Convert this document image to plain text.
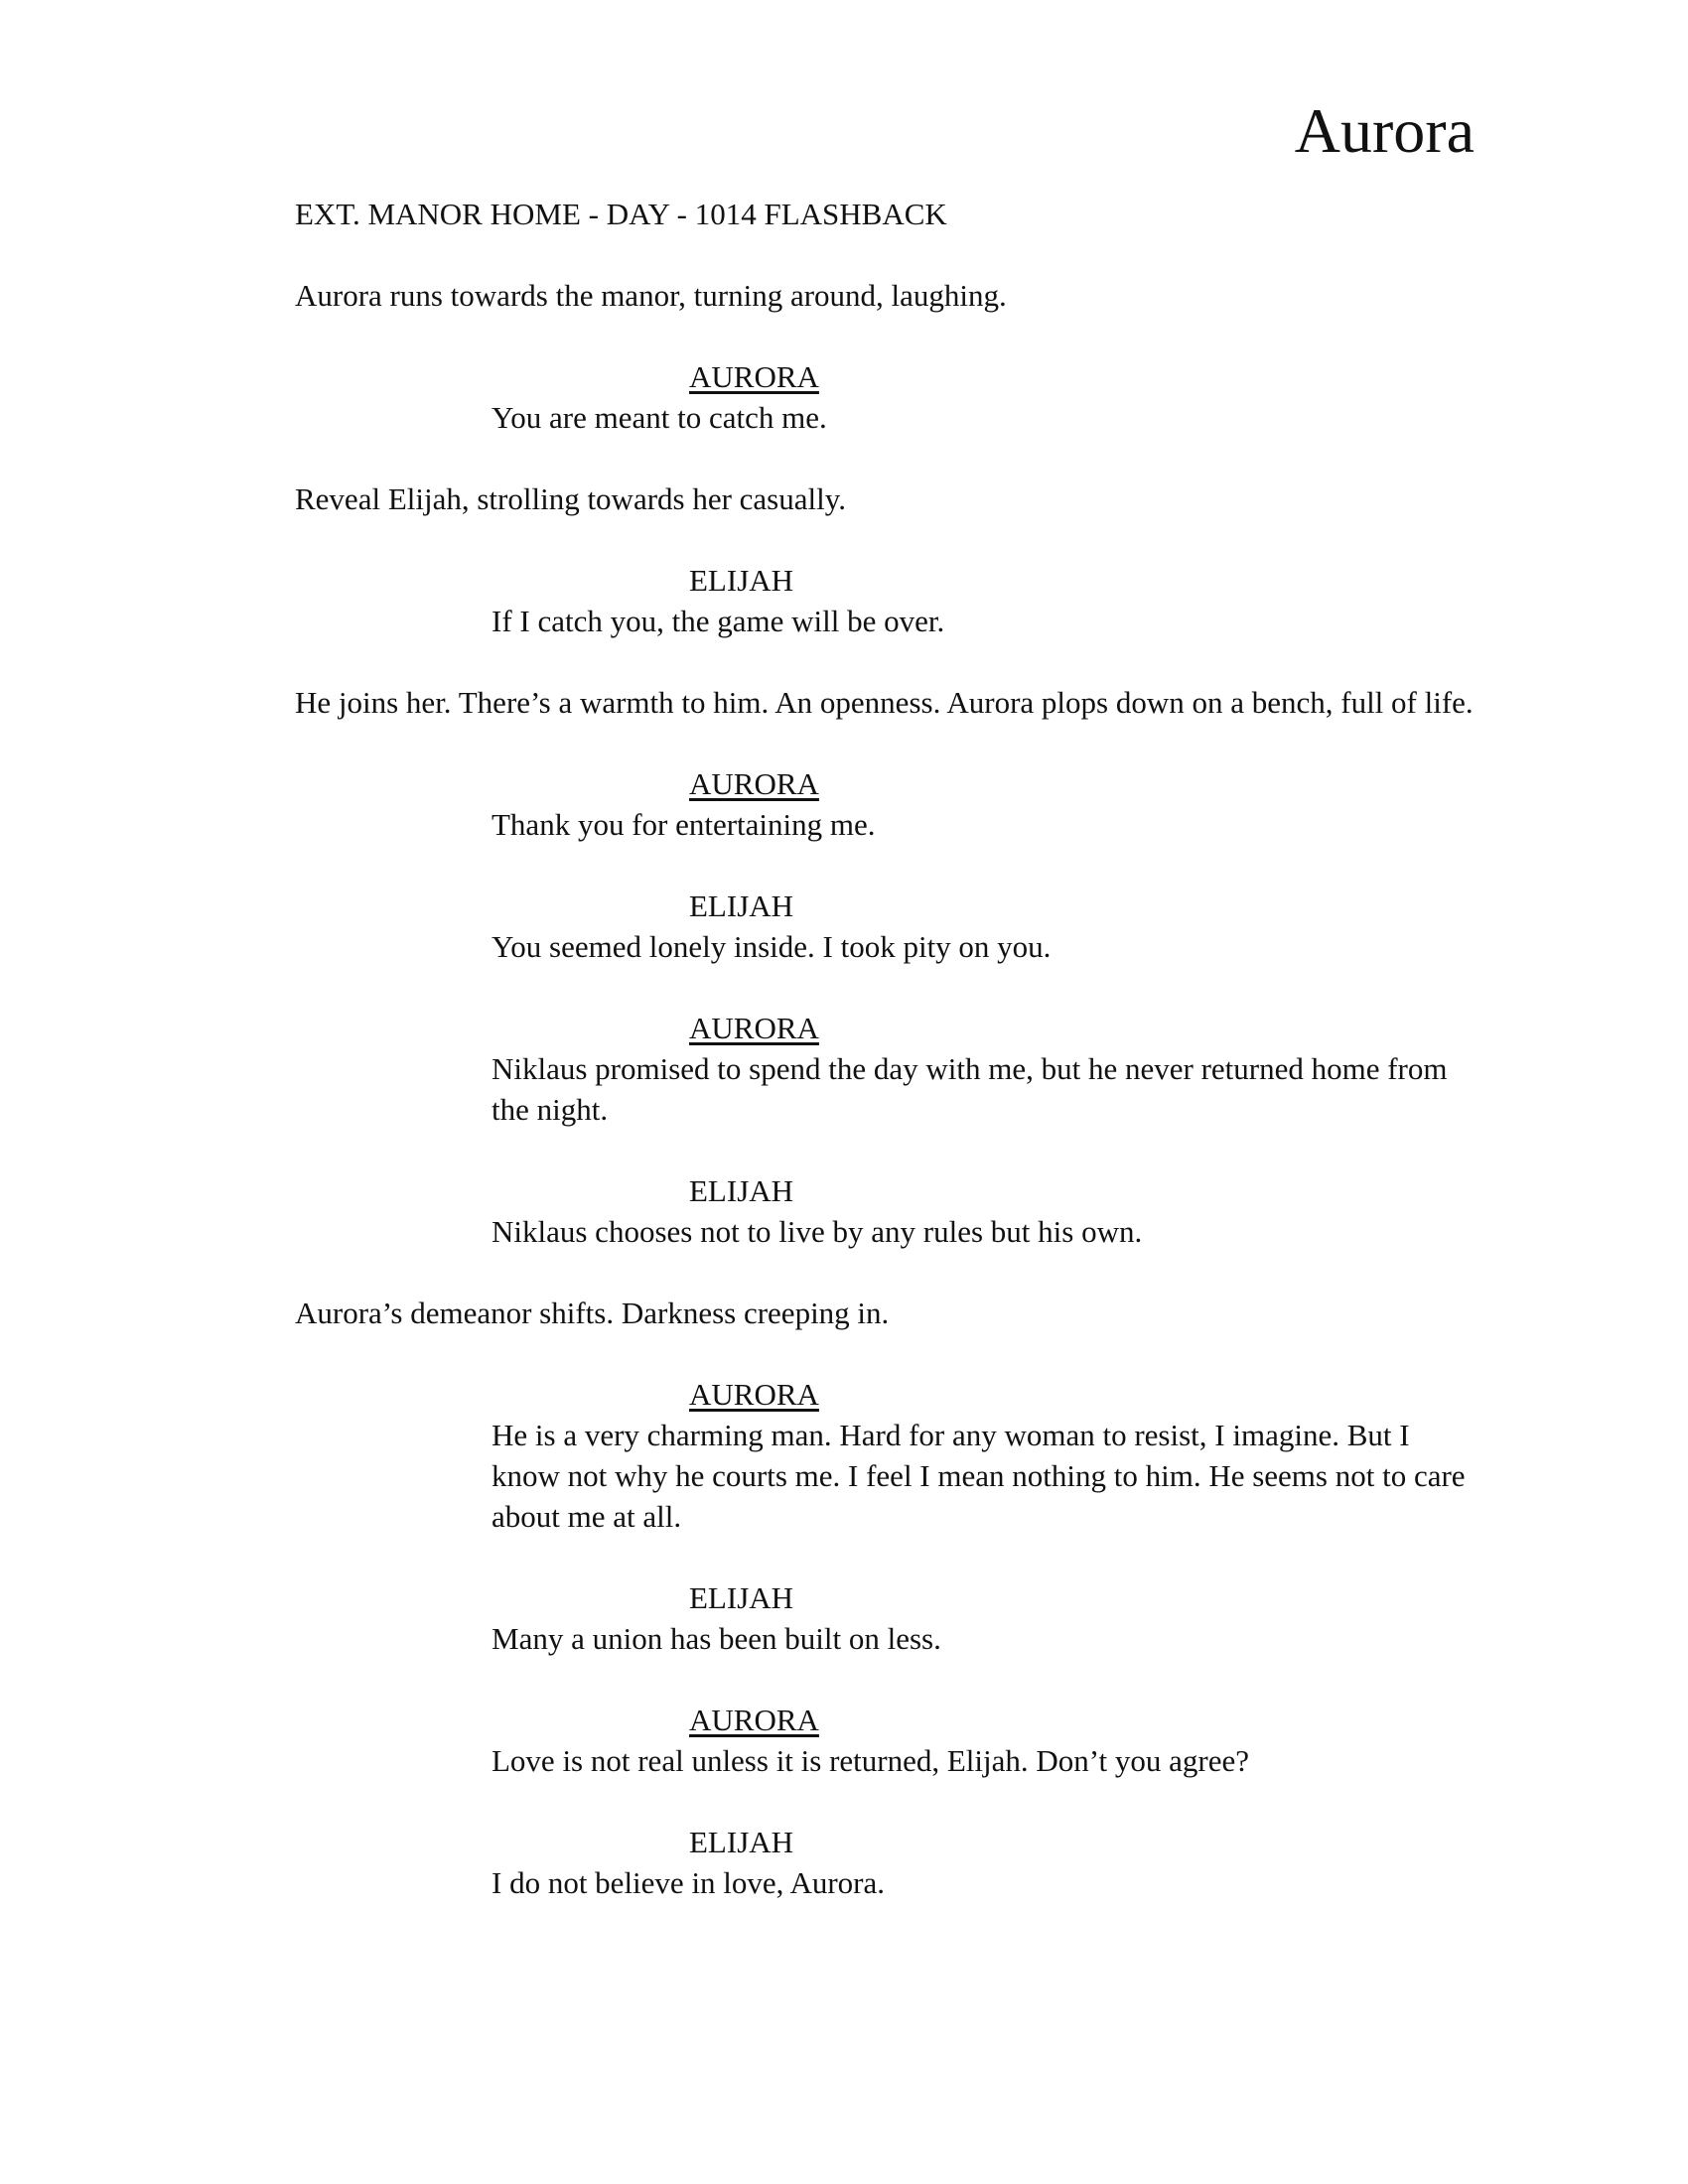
Aurora

EXT. MANOR HOME - DAY - 1014 FLASHBACK

Aurora runs towards the manor, turning around, laughing.

AURORA
You are meant to catch me.

Reveal Elijah, strolling towards her casually.

ELIJAH
If I catch you, the game will be over.

He joins her. There’s a warmth to him. An openness. Aurora plops down on a bench, full of life.

AURORA
Thank you for entertaining me.
ELIJAH
You seemed lonely inside. I took pity on you.
AURORA
Niklaus promised to spend the day with me, but he never returned home from the night.
ELIJAH
Niklaus chooses not to live by any rules but his own.

Aurora’s demeanor shifts. Darkness creeping in.

AURORA
He is a very charming man. Hard for any woman to resist, I imagine. But I know not why he courts me. I feel I mean nothing to him. He seems not to care about me at all.
ELIJAH
Many a union has been built on less.
AURORA
Love is not real unless it is returned, Elijah. Don’t you agree?
ELIJAH
I do not believe in love, Aurora.
